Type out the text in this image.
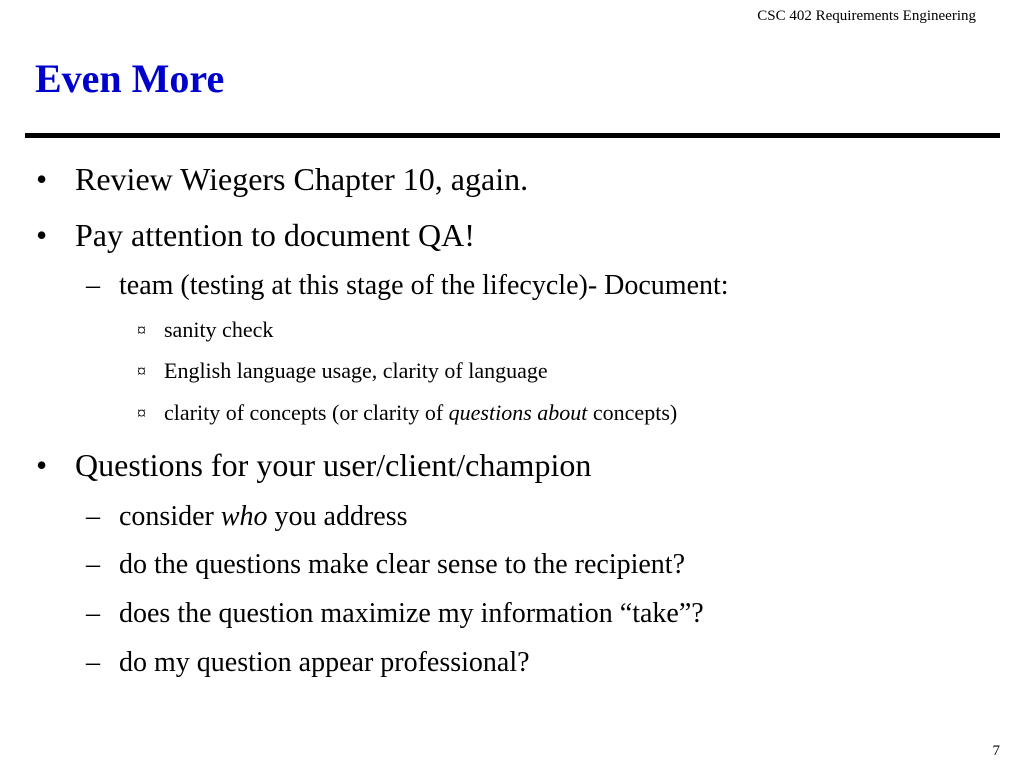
CSC 402 Requirements Engineering
Even More
• Review Wiegers Chapter 10, again.
• Pay attention to document QA!
– team (testing at this stage of the lifecycle)- Document:
¤ sanity check
¤ English language usage, clarity of language
¤ clarity of concepts (or clarity of questions about concepts)
• Questions for your user/client/champion
– consider who you address
– do the questions make clear sense to the recipient?
– does the question maximize my information “take”?
– do my question appear professional?
7
